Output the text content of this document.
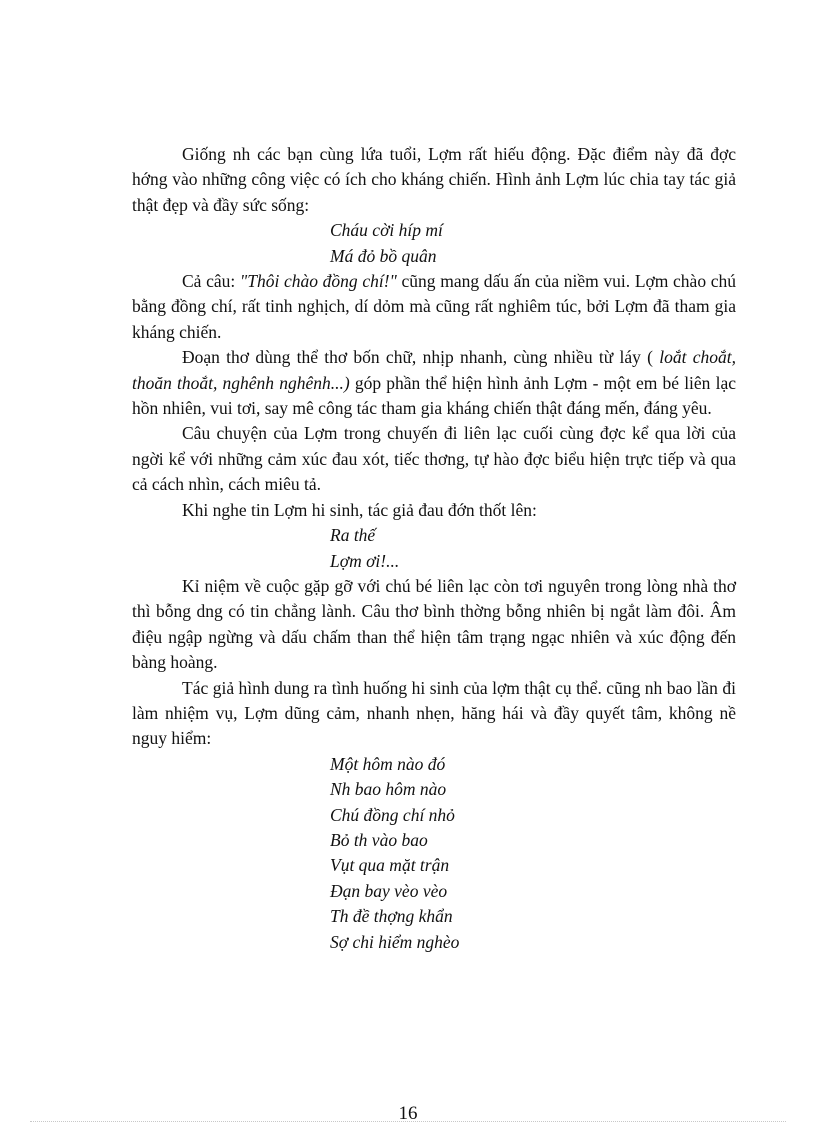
Giống nh các bạn cùng lứa tuổi, Lợm rất hiếu động. Đặc điểm này đã đợc hớng vào những công việc có ích cho kháng chiến. Hình ảnh Lợm lúc chia tay tác giả thật đẹp và đầy sức sống:

Cháu cời híp mí
Má đỏ bồ quân

Cả câu: "Thôi chào đồng chí!" cũng mang dấu ấn của niềm vui. Lợm chào chú bằng đồng chí, rất tinh nghịch, dí dỏm mà cũng rất nghiêm túc, bởi Lợm đã tham gia kháng chiến.

Đoạn thơ dùng thể thơ bốn chữ, nhịp nhanh, cùng nhiều từ láy ( loắt choắt, thoăn thoắt, nghênh nghênh...) góp phần thể hiện hình ảnh Lợm - một em bé liên lạc hồn nhiên, vui tơi, say mê công tác tham gia kháng chiến thật đáng mến, đáng yêu.

Câu chuyện của Lợm trong chuyến đi liên lạc cuối cùng đợc kể qua lời của ngời kể với những cảm xúc đau xót, tiếc thơng, tự hào đợc biểu hiện trực tiếp và qua cả cách nhìn, cách miêu tả.

Khi nghe tin Lợm hi sinh, tác giả đau đớn thốt lên:

Ra thế
Lợm ơi!...

Kỉ niệm về cuộc gặp gỡ với chú bé liên lạc còn tơi nguyên trong lòng nhà thơ thì bỗng dng có tin chẳng lành. Câu thơ bình thờng bỗng nhiên bị ngắt làm đôi. Âm điệu ngập ngừng và dấu chấm than thể hiện tâm trạng ngạc nhiên và xúc động đến bàng hoàng.

Tác giả hình dung ra tình huống hi sinh của lợm thật cụ thể. cũng nh bao lần đi làm nhiệm vụ, Lợm dũng cảm, nhanh nhẹn, hăng hái và đầy quyết tâm, không nề nguy hiểm:

Một hôm nào đó
Nh bao hôm nào
Chú đồng chí nhỏ
Bỏ th vào bao
Vụt qua mặt trận
Đạn bay vèo vèo
Th đề thợng khẩn
Sợ chi hiểm nghèo
16
